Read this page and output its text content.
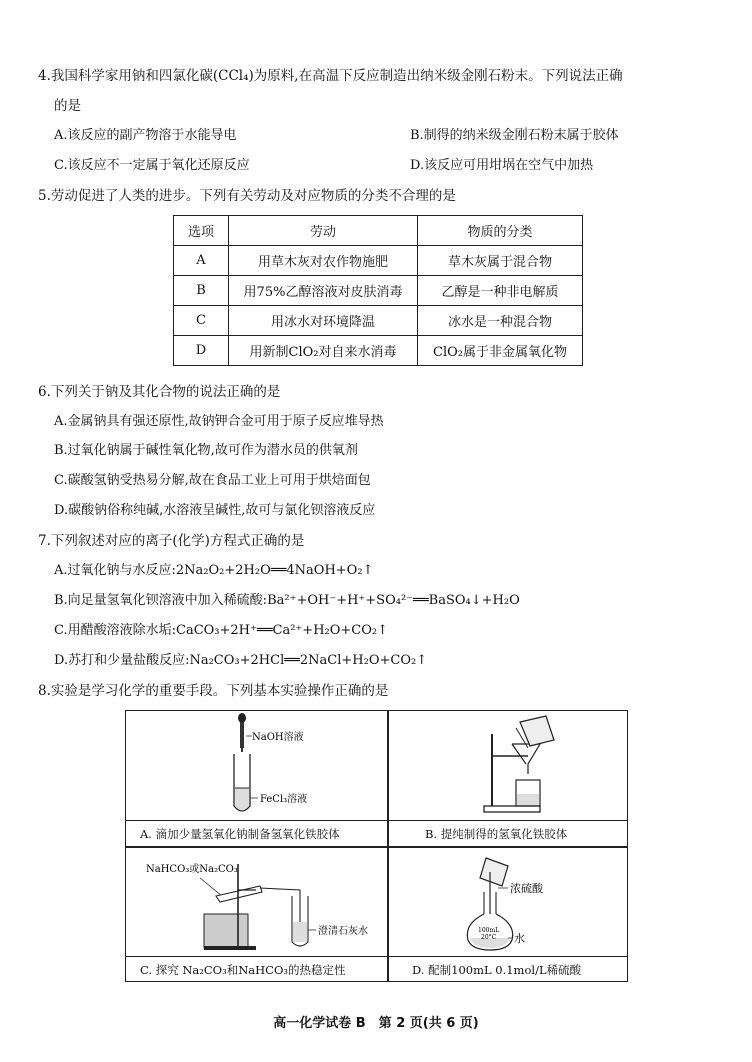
4.我国科学家用钠和四氯化碳(CCl₄)为原料,在高温下反应制造出纳米级金刚石粉末。下列说法正确
的是
A.该反应的副产物溶于水能导电	B.制得的纳米级金刚石粉末属于胶体
C.该反应不一定属于氧化还原反应	D.该反应可用坩埚在空气中加热
5.劳动促进了人类的进步。下列有关劳动及对应物质的分类不合理的是
选项	劳动	物质的分类
A	用草木灰对农作物施肥	草木灰属于混合物
B	用75%乙醇溶液对皮肤消毒	乙醇是一种非电解质
C	用冰水对环境降温	冰水是一种混合物
D	用新制ClO₂对自来水消毒	ClO₂属于非金属氧化物
6.下列关于钠及其化合物的说法正确的是
A.金属钠具有强还原性,故钠钾合金可用于原子反应堆导热
B.过氧化钠属于碱性氧化物,故可作为潜水员的供氧剂
C.碳酸氢钠受热易分解,故在食品工业上可用于烘焙面包
D.碳酸钠俗称纯碱,水溶液呈碱性,故可与氯化钡溶液反应
7.下列叙述对应的离子(化学)方程式正确的是
A.过氧化钠与水反应:2Na₂O₂+2H₂O══4NaOH+O₂↑
B.向足量氢氧化钡溶液中加入稀硫酸:Ba²⁺+OH⁻+H⁺+SO₄²⁻══BaSO₄↓+H₂O
C.用醋酸溶液除水垢:CaCO₃+2H⁺══Ca²⁺+H₂O+CO₂↑
D.苏打和少量盐酸反应:Na₂CO₃+2HCl══2NaCl+H₂O+CO₂↑
8.实验是学习化学的重要手段。下列基本实验操作正确的是
NaOH溶液
FeCl₃溶液
A. 滴加少量氢氧化钠制备氢氧化铁胶体	B. 提纯制得的氢氧化铁胶体
NaHCO₃或Na₂CO₃
澄清石灰水
C. 探究 Na₂CO₃和NaHCO₃的热稳定性
100mL
20°C
浓硫酸
水
D. 配制100mL 0.1mol/L稀硫酸
高一化学试卷 B　第 2 页(共 6 页)
